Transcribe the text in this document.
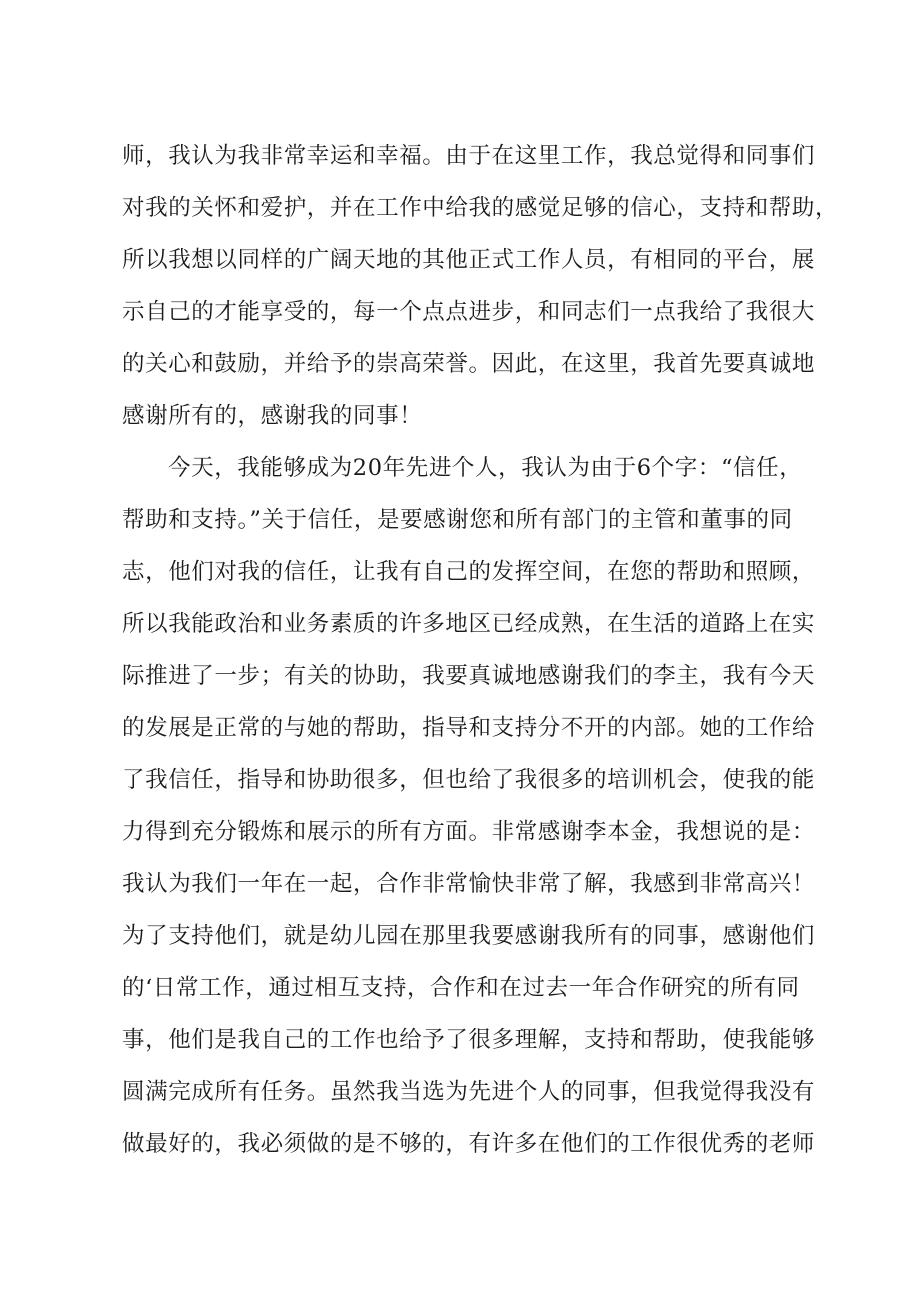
师，我认为我非常幸运和幸福。由于在这里工作，我总觉得和同事们
对我的关怀和爱护，并在工作中给我的感觉足够的信心，支持和帮助，
所以我想以同样的广阔天地的其他正式工作人员，有相同的平台，展
示自己的才能享受的，每一个点点进步，和同志们一点我给了我很大
的关心和鼓励，并给予的崇高荣誉。因此，在这里，我首先要真诚地
感谢所有的，感谢我的同事！
今天，我能够成为20年先进个人，我认为由于6个字：“信任，
帮助和支持。”关于信任，是要感谢您和所有部门的主管和董事的同
志，他们对我的信任，让我有自己的发挥空间，在您的帮助和照顾，
所以我能政治和业务素质的许多地区已经成熟，在生活的道路上在实
际推进了一步；有关的协助，我要真诚地感谢我们的李主，我有今天
的发展是正常的与她的帮助，指导和支持分不开的内部。她的工作给
了我信任，指导和协助很多，但也给了我很多的培训机会，使我的能
力得到充分锻炼和展示的所有方面。非常感谢李本金，我想说的是：
我认为我们一年在一起，合作非常愉快非常了解，我感到非常高兴！
为了支持他们，就是幼儿园在那里我要感谢我所有的同事，感谢他们
的‘日常工作，通过相互支持，合作和在过去一年合作研究的所有同
事，他们是我自己的工作也给予了很多理解，支持和帮助，使我能够
圆满完成所有任务。虽然我当选为先进个人的同事，但我觉得我没有
做最好的，我必须做的是不够的，有许多在他们的工作很优秀的老师
